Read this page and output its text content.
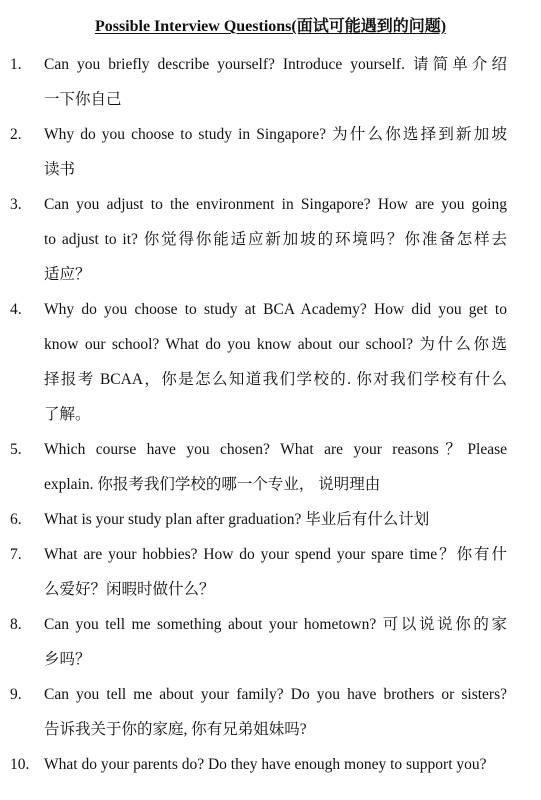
Possible Interview Questions(面试可能遇到的问题)
1.	Can you briefly describe yourself? Introduce yourself. 请简单介绍
一下你自己
2.	Why do you choose to study in Singapore? 为什么你选择到新加坡
读书
3.	Can you adjust to the environment in Singapore? How are you going
to adjust to it? 你觉得你能适应新加坡的环境吗？你准备怎样去
适应？
4.	Why do you choose to study at BCA Academy? How did you get to
know our school? What do you know about our school? 为什么你选
择报考 BCAA，你是怎么知道我们学校的. 你对我们学校有什么
了解。
5.	Which course have you chosen? What are your reasons？Please
explain. 你报考我们学校的哪一个专业， 说明理由
6.	What is your study plan after graduation? 毕业后有什么计划
7.	What are your hobbies? How do your spend your spare time？你有什
么爱好？闲暇时做什么？
8.	Can you tell me something about your hometown? 可以说说你的家
乡吗？
9.	Can you tell me about your family? Do you have brothers or sisters?
告诉我关于你的家庭, 你有兄弟姐妹吗?
10. What do your parents do? Do they have enough money to support you?
